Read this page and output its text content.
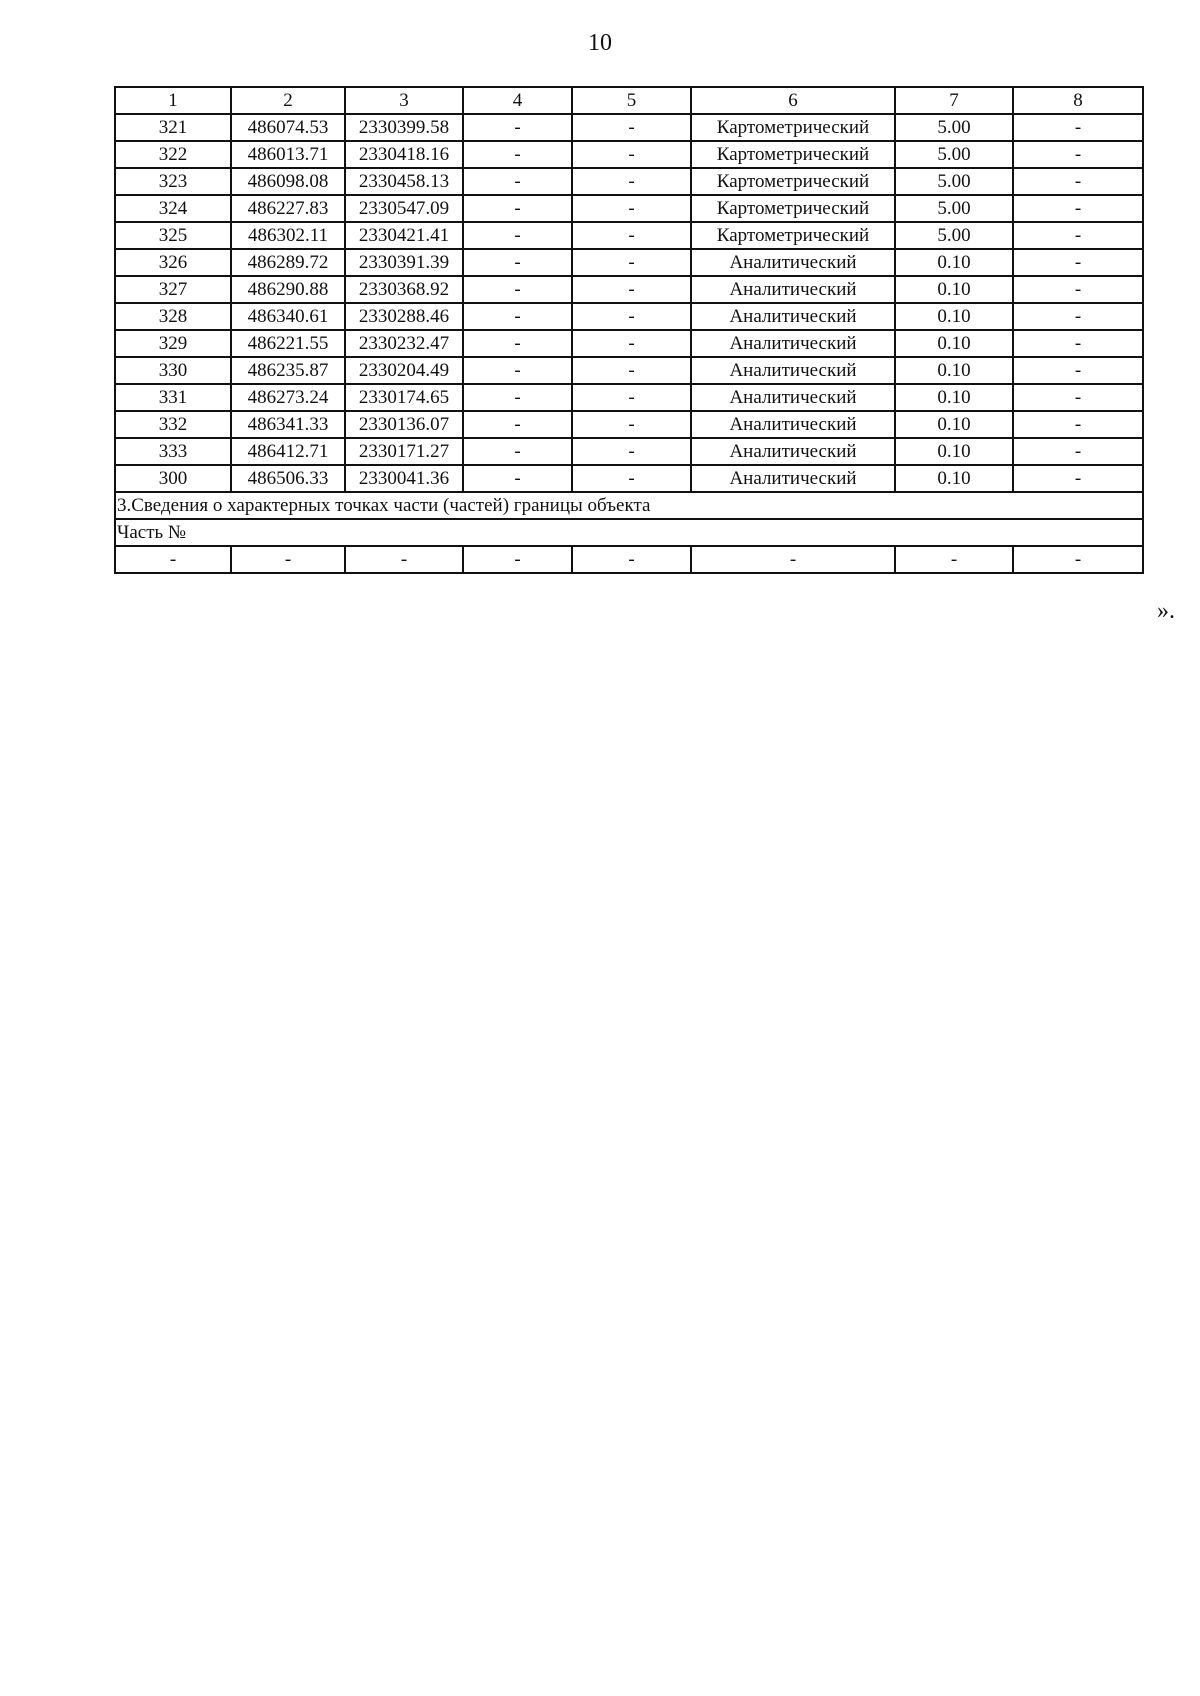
10
1	2	3	4	5	6	7	8
321	486074.53	2330399.58	-	-	Картометрический	5.00	-
322	486013.71	2330418.16	-	-	Картометрический	5.00	-
323	486098.08	2330458.13	-	-	Картометрический	5.00	-
324	486227.83	2330547.09	-	-	Картометрический	5.00	-
325	486302.11	2330421.41	-	-	Картометрический	5.00	-
326	486289.72	2330391.39	-	-	Аналитический	0.10	-
327	486290.88	2330368.92	-	-	Аналитический	0.10	-
328	486340.61	2330288.46	-	-	Аналитический	0.10	-
329	486221.55	2330232.47	-	-	Аналитический	0.10	-
330	486235.87	2330204.49	-	-	Аналитический	0.10	-
331	486273.24	2330174.65	-	-	Аналитический	0.10	-
332	486341.33	2330136.07	-	-	Аналитический	0.10	-
333	486412.71	2330171.27	-	-	Аналитический	0.10	-
300	486506.33	2330041.36	-	-	Аналитический	0.10	-
3.Сведения о характерных точках части (частей) границы объекта							
Часть №							
-	-	-	-	-	-	-	-
».
